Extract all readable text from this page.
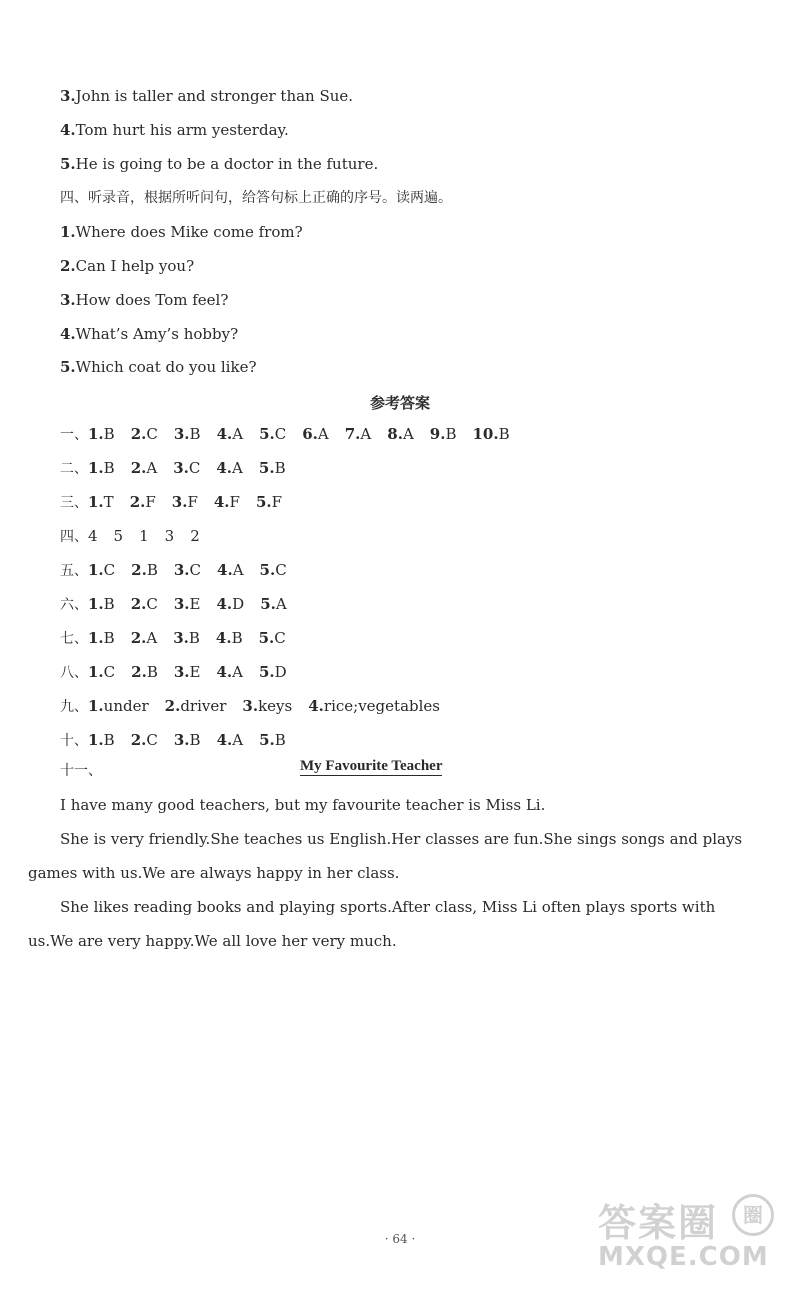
3.John is taller and stronger than Sue.
4.Tom hurt his arm yesterday.
5.He is going to be a doctor in the future.
四、听录音，根据所听问句，给答句标上正确的序号。读两遍。
1.Where does Mike come from?
2.Can I help you?
3.How does Tom feel?
4.What’s Amy’s hobby?
5.Which coat do you like?
参考答案
一、1.B 2.C 3.B 4.A 5.C 6.A 7.A 8.A 9.B 10.B
二、1.B 2.A 3.C 4.A 5.B
三、1.T 2.F 3.F 4.F 5.F
四、4 5 1 3 2
五、1.C 2.B 3.C 4.A 5.C
六、1.B 2.C 3.E 4.D 5.A
七、1.B 2.A 3.B 4.B 5.C
八、1.C 2.B 3.E 4.A 5.D
九、1.under 2.driver 3.keys 4.rice;vegetables
十、1.B 2.C 3.B 4.A 5.B
十一、	My Favourite Teacher
I have many good teachers, but my favourite teacher is Miss Li.
She is very friendly.She teaches us English.Her classes are fun.She sings songs and plays games with us.We are always happy in her class.
She likes reading books and playing sports.After class, Miss Li often plays sports with us.We are very happy.We all love her very much.
· 64 ·	答案圈	圈
MXQE.COM
